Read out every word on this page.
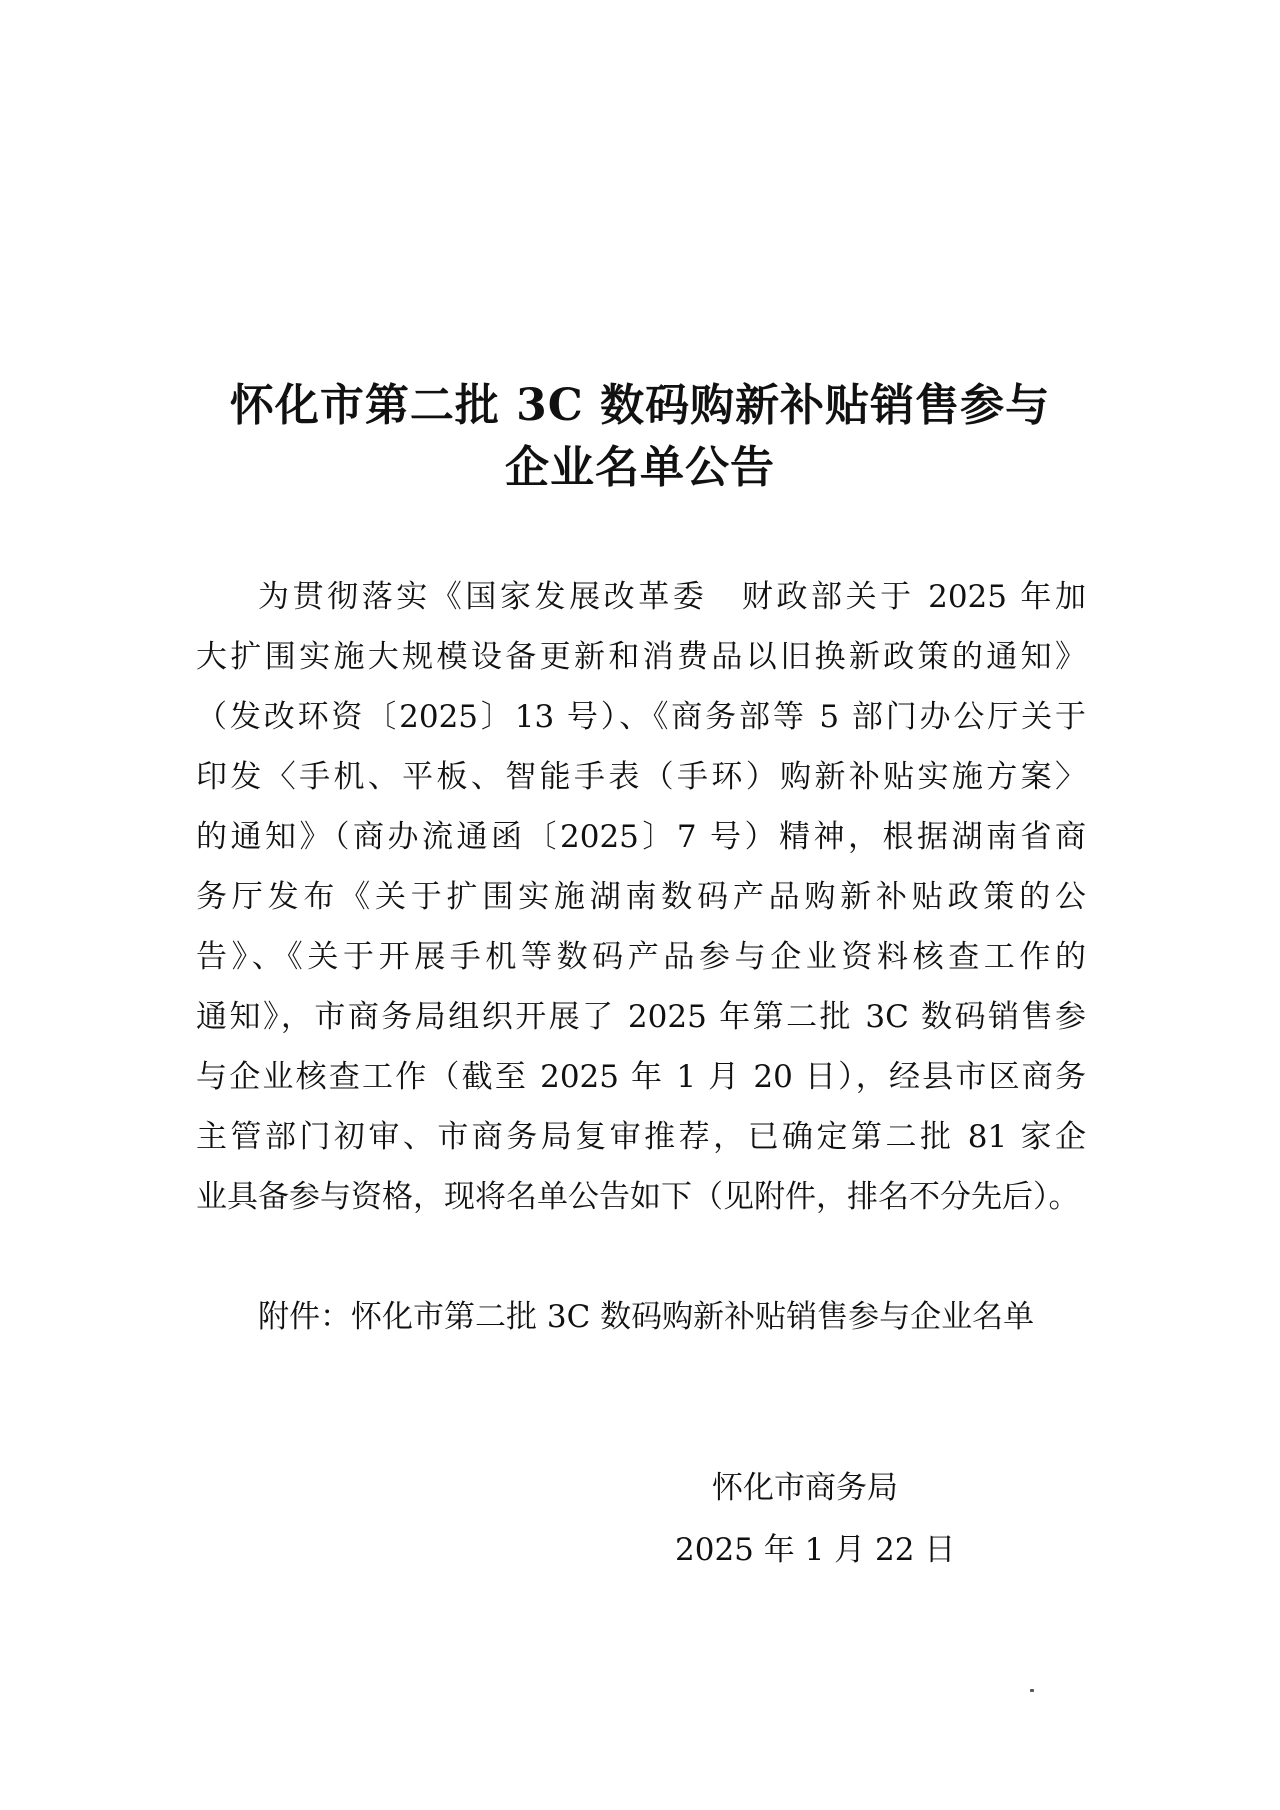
怀化市第二批 3C 数码购新补贴销售参与
企业名单公告

为贯彻落实《国家发展改革委　财政部关于 2025 年加

大扩围实施大规模设备更新和消费品以旧换新政策的通知》

（发改环资〔2025〕13 号）、《商务部等 5 部门办公厅关于

印发〈手机、平板、智能手表（手环）购新补贴实施方案〉

的通知》（商办流通函〔2025〕7 号）精神，根据湖南省商

务厅发布《关于扩围实施湖南数码产品购新补贴政策的公

告》、《关于开展手机等数码产品参与企业资料核查工作的

通知》，市商务局组织开展了 2025 年第二批 3C 数码销售参

与企业核查工作（截至 2025 年 1 月 20 日），经县市区商务

主管部门初审、市商务局复审推荐，已确定第二批 81 家企

业具备参与资格，现将名单公告如下（见附件，排名不分先后）。

附件：怀化市第二批 3C 数码购新补贴销售参与企业名单

怀化市商务局

2025 年 1 月 22 日
